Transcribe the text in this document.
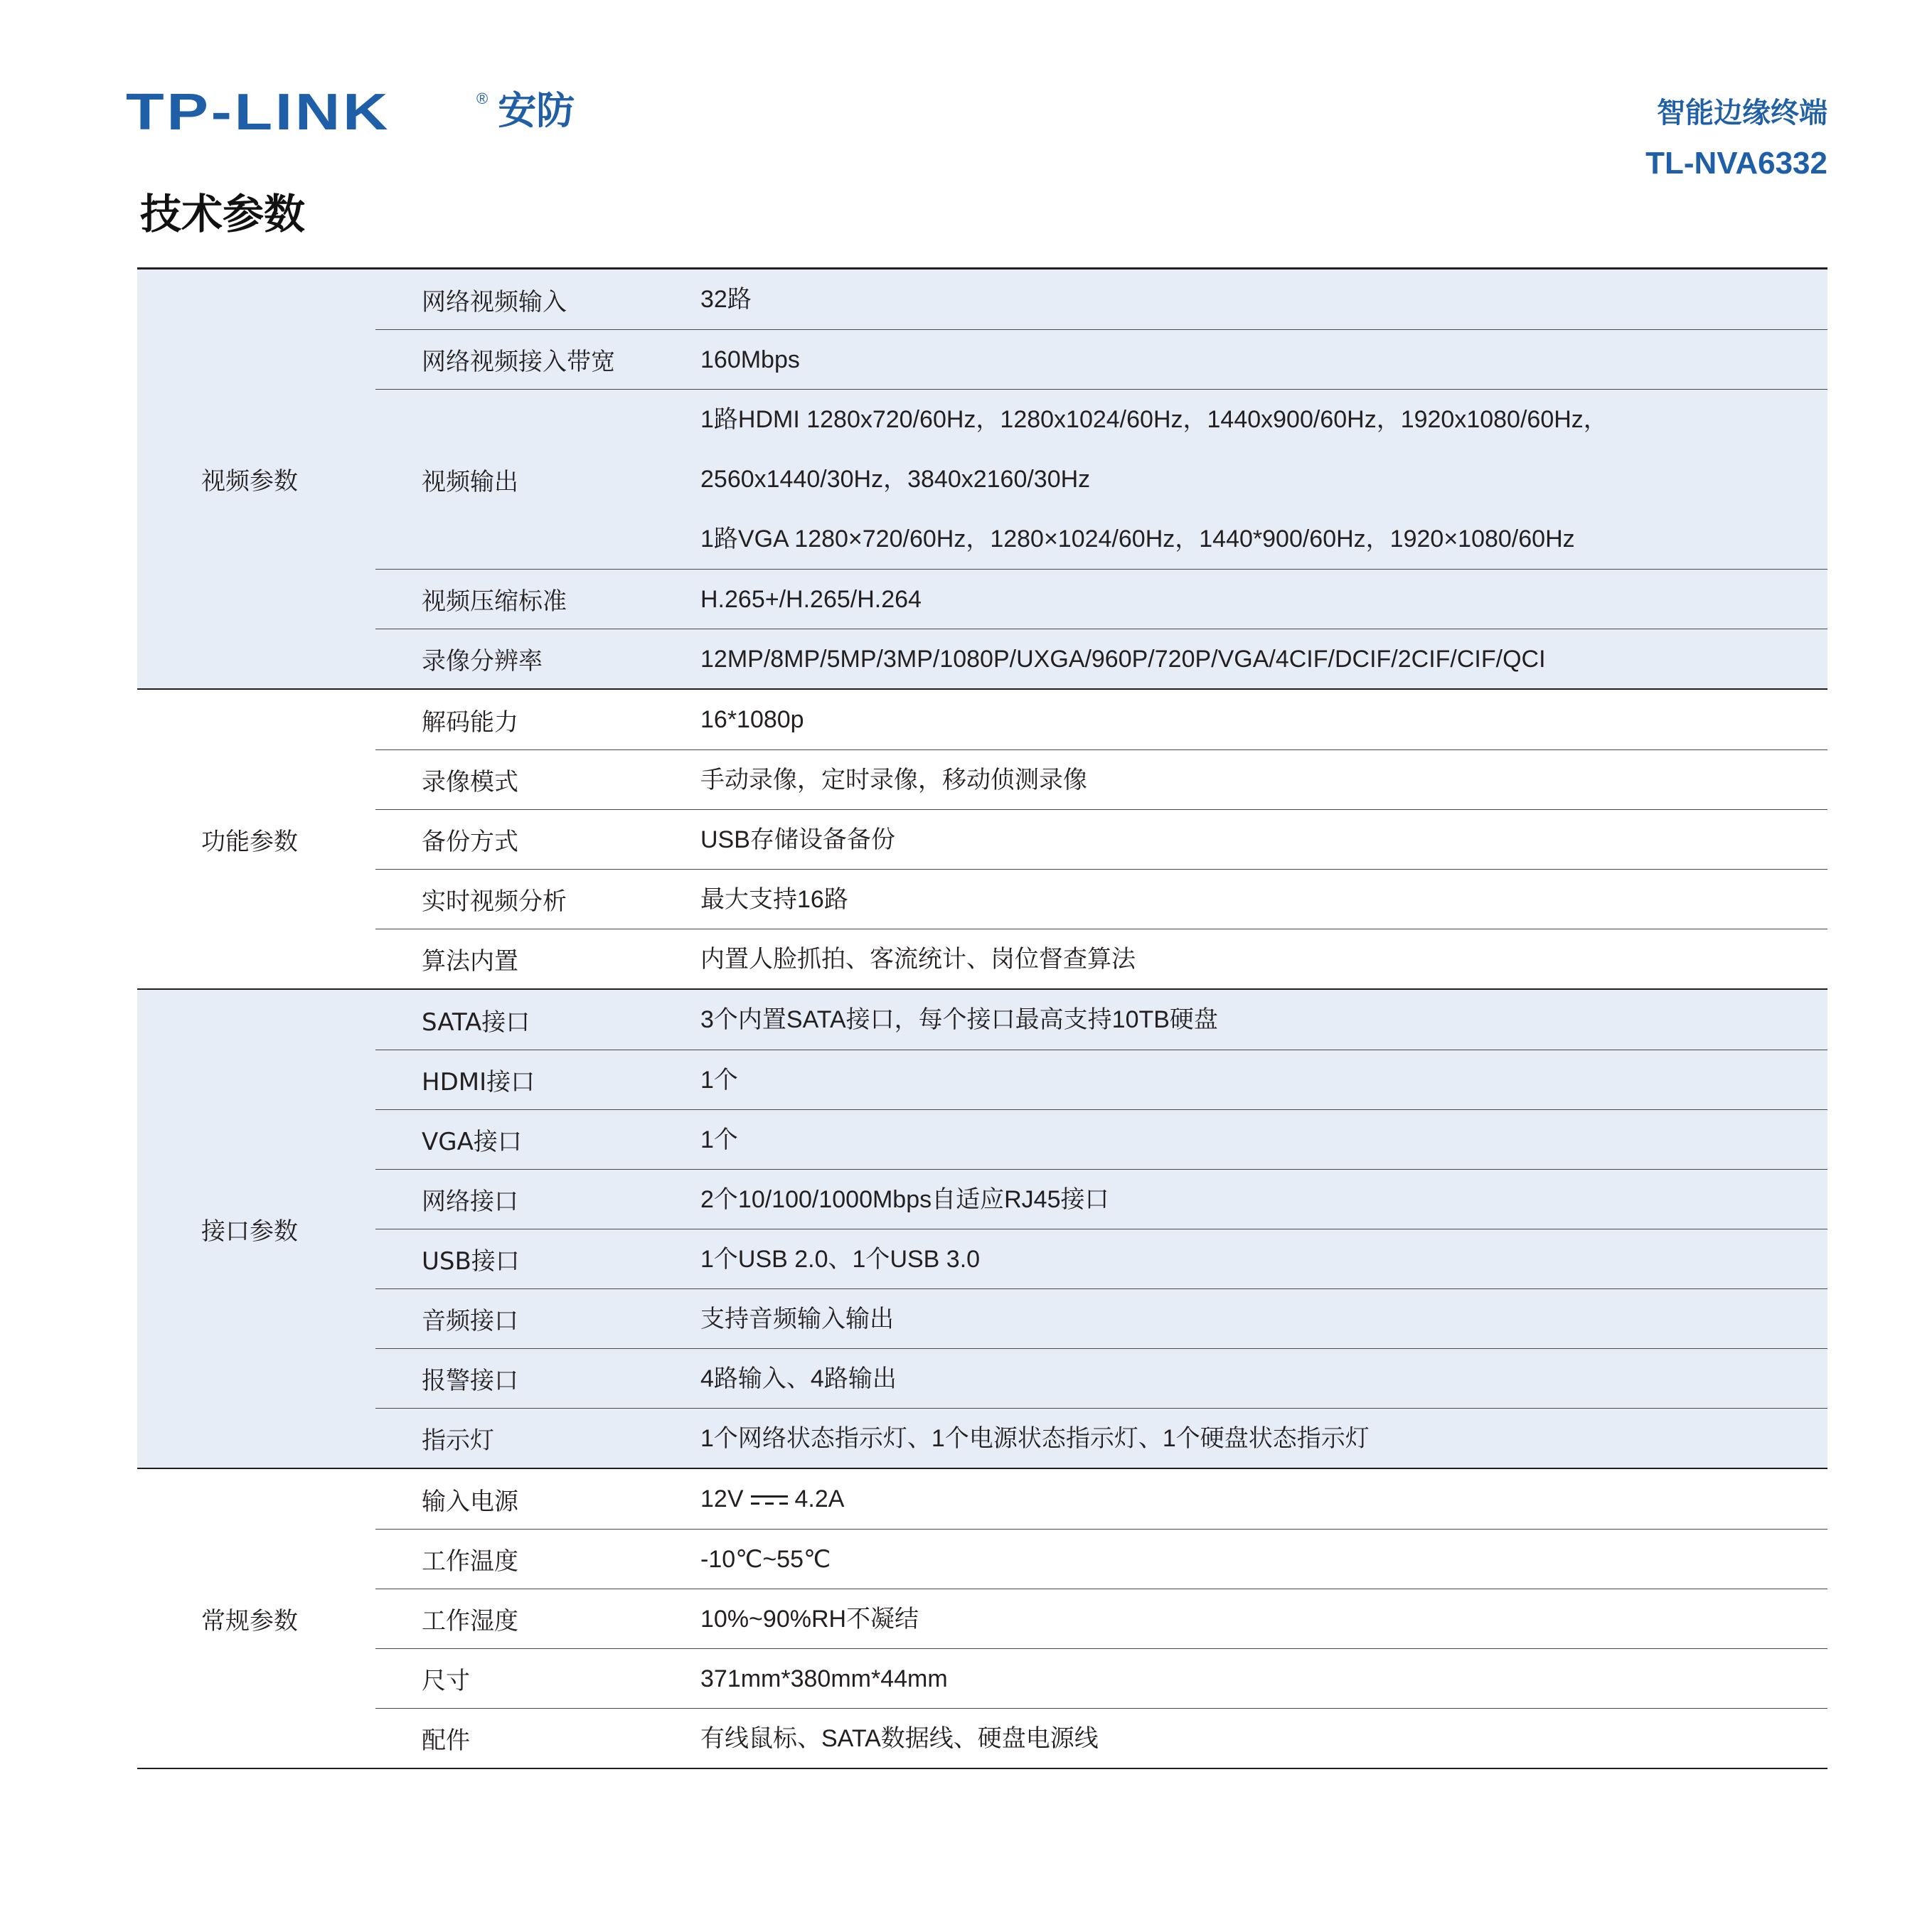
TP-LINK	® 安防	智能边缘终端
TL-NVA6332
技术参数
视频参数
网络视频输入	32路
网络视频接入带宽	160Mbps
视频输出
1路HDMI 1280x720/60Hz，1280x1024/60Hz，1440x900/60Hz，1920x1080/60Hz，
2560x1440/30Hz，3840x2160/30Hz
1路VGA 1280×720/60Hz，1280×1024/60Hz，1440*900/60Hz，1920×1080/60Hz
视频压缩标准	H.265+/H.265/H.264
录像分辨率	12MP/8MP/5MP/3MP/1080P/UXGA/960P/720P/VGA/4CIF/DCIF/2CIF/CIF/QCI
功能参数
解码能力	16*1080p
录像模式	手动录像，定时录像，移动侦测录像
备份方式	USB存储设备备份
实时视频分析	最大支持16路
算法内置	内置人脸抓拍、客流统计、岗位督查算法
接口参数
SATA接口	3个内置SATA接口，每个接口最高支持10TB硬盘
HDMI接口	1个
VGA接口	1个
网络接口	2个10/100/1000Mbps自适应RJ45接口
USB接口	1个USB 2.0、1个USB 3.0
音频接口	支持音频输入输出
报警接口	4路输入、4路输出
指示灯	1个网络状态指示灯、1个电源状态指示灯、1个硬盘状态指示灯
常规参数
输入电源	12V 4.2A
工作温度	-10℃~55℃
工作湿度	10%~90%RH不凝结
尺寸	371mm*380mm*44mm
配件	有线鼠标、SATA数据线、硬盘电源线
